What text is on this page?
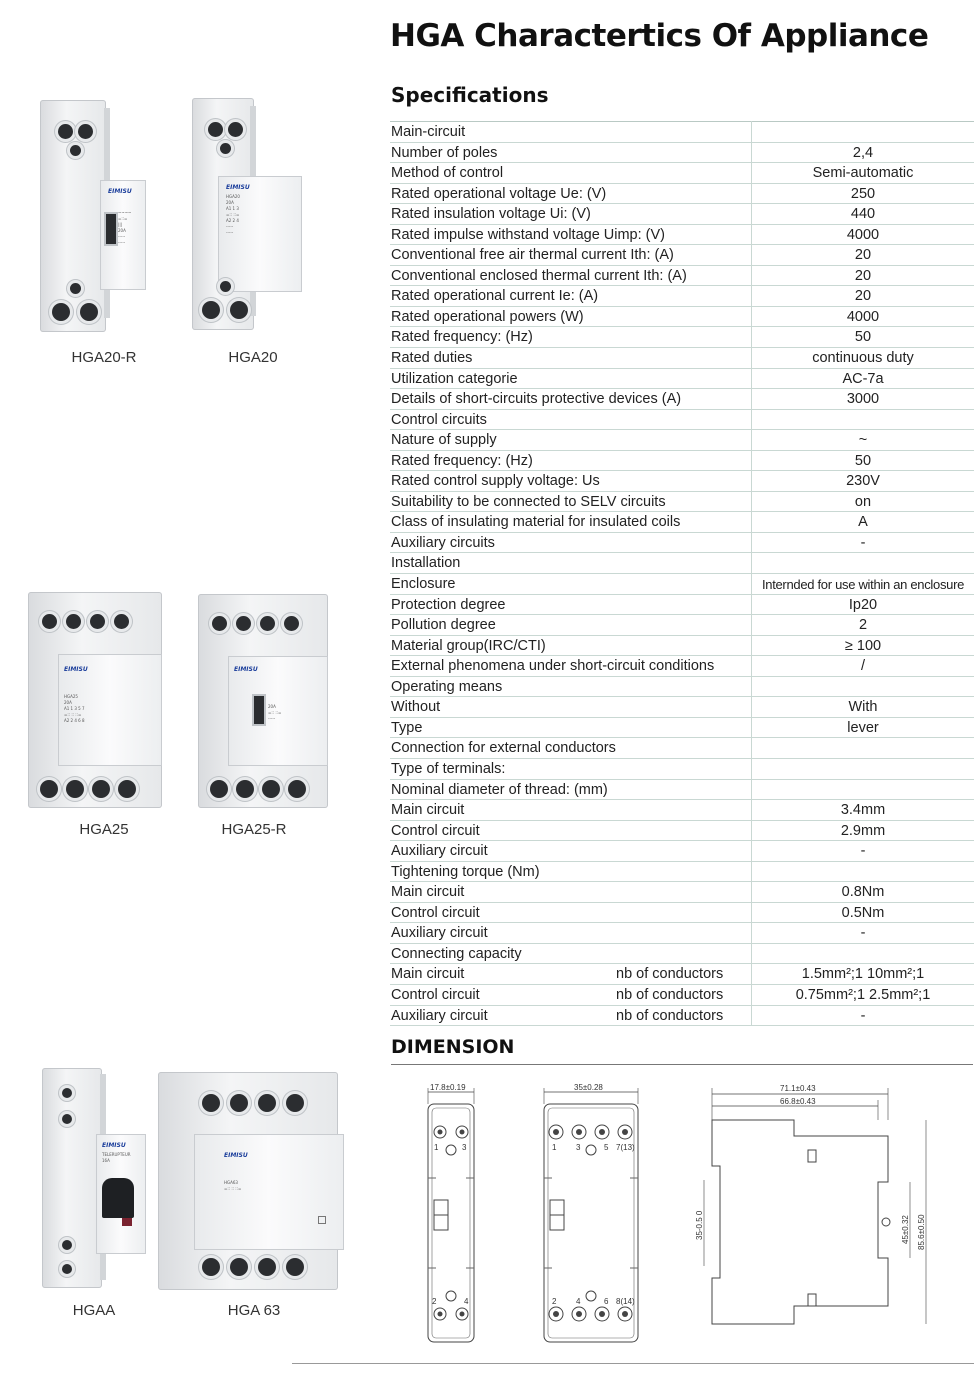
HGA Charactertics Of Appliance
Specifications
Main-circuit
Number of poles	2,4
Method of control	Semi-automatic
Rated operational voltage Ue: (V)	250
Rated insulation voltage Ui: (V)	440
Rated impulse withstand voltage Uimp: (V)	4000
Conventional free air thermal current Ith: (A)	20
Conventional enclosed thermal current Ith: (A)	20
Rated operational current Ie: (A)	20
Rated operational powers (W)	4000
Rated frequency: (Hz)	50
Rated duties	continuous duty
Utilization categorie	AC-7a
Details of short-circuits protective devices (A)	3000
Control circuits
Nature of supply	~
Rated frequency: (Hz)	50
Rated control supply voltage: Us	230V
Suitability to be connected to SELV circuits	on
Class of insulating material for insulated coils	A
Auxiliary circuits	-
Installation
Enclosure	Internded for use within an enclosure
Protection degree	Ip20
Pollution degree	2
Material group(IRC/CTI)	≥ 100
External phenomena under short-circuit conditions	/
Operating means
Without	With
Type	lever
Connection for external conductors
Type of terminals:
Nominal diameter of thread: (mm)
Main circuit	3.4mm
Control circuit	2.9mm
Auxiliary circuit	-
Tightening torque (Nm)
Main circuit	0.8Nm
Control circuit	0.5Nm
Auxiliary circuit	-
Connecting capacity
Main circuit	nb of conductors	1.5mm²;1 10mm²;1
Control circuit	nb of conductors	0.75mm²;1 2.5mm²;1
Auxiliary circuit	nb of conductors	-
DIMENSION
EIMISU
~~~~
=::=
|||
20A
-----
-----
HGA20-R
EIMISU
HGA20
20A
A1 1 3
=:: ::=
A2 2 4
-----
-----
HGA20
EIMISU
HGA25
20A
A1 1 3 5 7
=:: :: ::=
A2 2 4 6 8
HGA25
EIMISU
20A
=:: ::=
-----
HGA25-R
EIMISU
TELERUPTEUR
16A
HGAA
EIMISU
HGA63
=:: :: ::=
HGA 63
17.8±0.19
1	3
2	4
35±0.28
1 3	5 7(13)
2 4	6 8(14)
71.1±0.43
66.8±0.43
35-0.5 0	45±0.32 85.6±0.50
